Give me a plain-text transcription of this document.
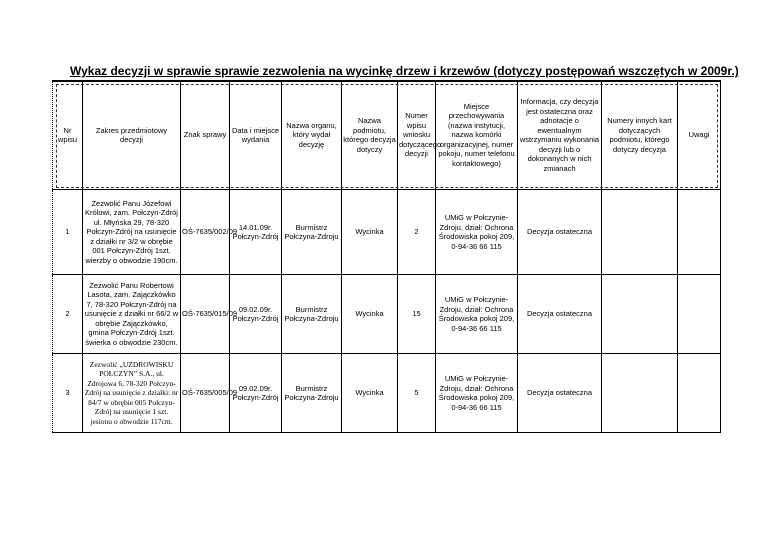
Wykaz decyzji w sprawie sprawie zezwolenia na wycinkę drzew i krzewów (dotyczy postępowań wszczętych w 2009r.)
Nr wpisu	Zakres przedmiotowy decyzji	Znak sprawy	Data i miejsce wydania	Nazwa organu, który wydał decyzję	Nazwa podmiotu, którego decyzja dotyczy	Numer wpisu wniosku dotyczącego decyzji	Miejsce przechowywania (nazwa instytucji, nazwa komórki organizacyjnej, numer pokoju, numer telefonu kontaktowego)	Informacja, czy decyzja jest ostateczna oraz adnotacje o ewentualnym wstrzymaniu wykonania decyzji lub o dokonanych w nich zmianach	Numery innych kart dotyczących podmiotu, którego dotyczy decyzja	Uwagi
1	Zezwolić Panu Józefowi Królowi, zam. Połczyn-Zdrój ul. Młyńska 29, 78-320 Połczyn-Zdrój na usunięcie z działki nr 3/2 w obrębie 001 Połczyn-Zdrój 1szt. wierzby o obwodzie 190cm.	OŚ-7635/002/09	14.01.09r. Połczyn-Zdrój	Burmistrz Połczyna-Zdroju	Wycinka	2	UMiG w Połczynie-Zdroju, dział: Ochrona Środowiska pokoj 209, 0-94-36 66 115	Decyzja ostateczna		
2	Zezwolić Panu Robertowi Lasota, zam. Zajączkówko 7, 78-320 Połczyn-Zdrój na usunięcie z działki nr 66/2 w obrębie Zajączkówko, gmina Połczyn-Zdrój 1szt. świerka o obwodzie 230cm.	OŚ-7635/015/09	09.02.09r. Połczyn-Zdrój	Burmistrz Połczyna-Zdroju	Wycinka	15	UMiG w Połczynie-Zdroju, dział: Ochrona Środowiska pokoj 209, 0-94-36 66 115	Decyzja ostateczna		
3	Zezwolić „UZDROWISKU POŁCZYN” S.A., ul. Zdrojowa 6, 78-320 Połczyn-Zdrój na usunięcie z działki: nr 84/7 w obrębie 005 Połczyn-Zdrój na usunięcie 1 szt. jesionu o obwodzie 117cm.	OŚ-7635/005/09	09.02.09r. Połczyn-Zdrój	Burmistrz Połczyna-Zdroju	Wycinka	5	UMiG w Połczynie-Zdroju, dział: Ochrona Środowiska pokoj 209, 0-94-36 66 115	Decyzja ostateczna		
